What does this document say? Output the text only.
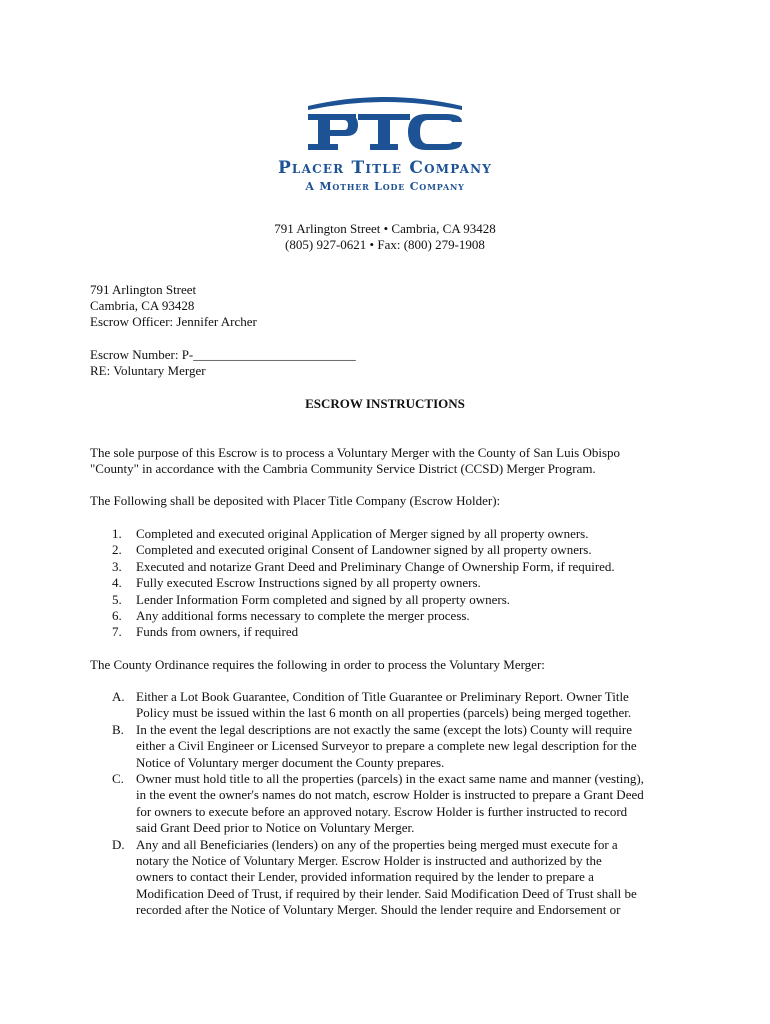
Placer Title Company
A Mother Lode Company
791 Arlington Street • Cambria, CA 93428
(805) 927-0621 • Fax: (800) 279-1908
791 Arlington Street
Cambria, CA 93428
Escrow Officer: Jennifer Archer
Escrow Number: P-_________________________
RE: Voluntary Merger
ESCROW INSTRUCTIONS
The sole purpose of this Escrow is to process a Voluntary Merger with the County of San Luis Obispo
"County" in accordance with the Cambria Community Service District (CCSD) Merger Program.
The Following shall be deposited with Placer Title Company (Escrow Holder):
1. Completed and executed original Application of Merger signed by all property owners.
2. Completed and executed original Consent of Landowner signed by all property owners.
3. Executed and notarize Grant Deed and Preliminary Change of Ownership Form, if required.
4. Fully executed Escrow Instructions signed by all property owners.
5. Lender Information Form completed and signed by all property owners.
6. Any additional forms necessary to complete the merger process.
7. Funds from owners, if required
The County Ordinance requires the following in order to process the Voluntary Merger:
A. Either a Lot Book Guarantee, Condition of Title Guarantee or Preliminary Report. Owner Title
Policy must be issued within the last 6 month on all properties (parcels) being merged together.
B. In the event the legal descriptions are not exactly the same (except the lots) County will require
either a Civil Engineer or Licensed Surveyor to prepare a complete new legal description for the
Notice of Voluntary merger document the County prepares.
C. Owner must hold title to all the properties (parcels) in the exact same name and manner (vesting),
in the event the owner's names do not match, escrow Holder is instructed to prepare a Grant Deed
for owners to execute before an approved notary. Escrow Holder is further instructed to record
said Grant Deed prior to Notice on Voluntary Merger.
D. Any and all Beneficiaries (lenders) on any of the properties being merged must execute for a
notary the Notice of Voluntary Merger. Escrow Holder is instructed and authorized by the
owners to contact their Lender, provided information required by the lender to prepare a
Modification Deed of Trust, if required by their lender. Said Modification Deed of Trust shall be
recorded after the Notice of Voluntary Merger. Should the lender require and Endorsement or
